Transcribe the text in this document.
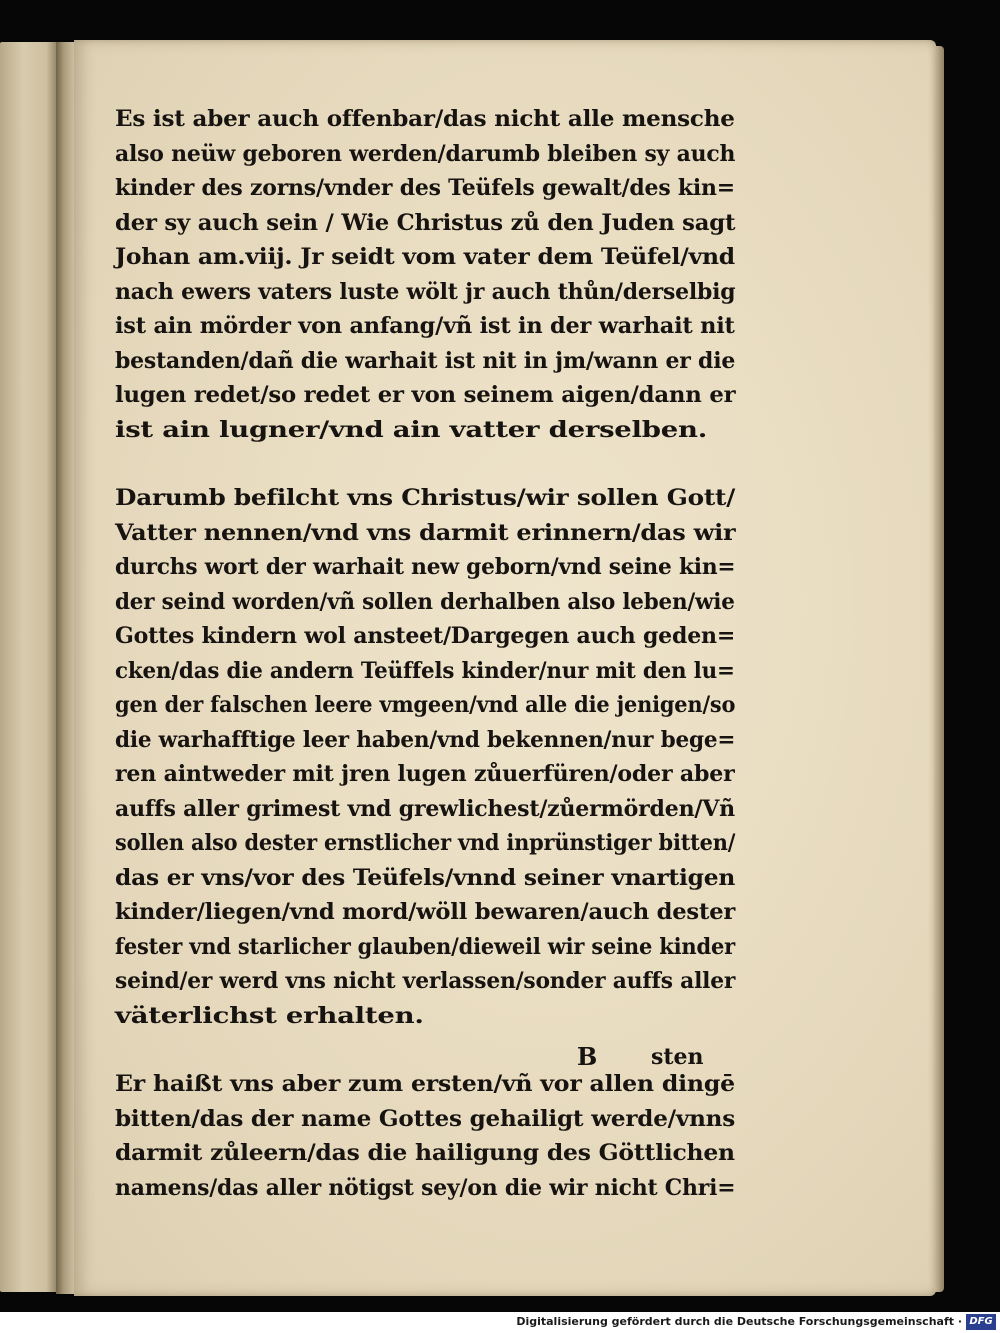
Es ist aber auch offenbar/das nicht alle mensche
also neüw geboren werden/darumb bleiben sy auch
kinder des zorns/vnder des Teüfels gewalt/des kin=
der sy auch sein / Wie Christus zů den Juden sagt
Johan am.viij. Jr seidt vom vater dem Teüfel/vnd
nach ewers vaters luste wölt jr auch thůn/derselbig
ist ain mörder von anfang/vñ ist in der warhait nit
bestanden/dañ die warhait ist nit in jm/wann er die
lugen redet/so redet er von seinem aigen/dann er
ist ain lugner/vnd ain vatter derselben.
Darumb befilcht vns Christus/wir sollen Gott/
Vatter nennen/vnd vns darmit erinnern/das wir
durchs wort der warhait new geborn/vnd seine kin=
der seind worden/vñ sollen derhalben also leben/wie
Gottes kindern wol ansteet/Dargegen auch geden=
cken/das die andern Teüffels kinder/nur mit den lu=
gen der falschen leere vmgeen/vnd alle die jenigen/so
die warhafftige leer haben/vnd bekennen/nur bege=
ren aintweder mit jren lugen zůuerfüren/oder aber
auffs aller grimest vnd grewlichest/zůermörden/Vñ
sollen also dester ernstlicher vnd inprünstiger bitten/
das er vns/vor des Teüfels/vnnd seiner vnartigen
kinder/liegen/vnd mord/wöll bewaren/auch dester
fester vnd starlicher glauben/dieweil wir seine kinder
seind/er werd vns nicht verlassen/sonder auffs aller
väterlichst erhalten.
Er haißt vns aber zum ersten/vñ vor allen dingē
bitten/das der name Gottes gehailigt werde/vnns
darmit zůleern/das die hailigung des Göttlichen
namens/das aller nötigst sey/on die wir nicht Chri=
B sten
Digitalisierung gefördert durch die Deutsche Forschungsgemeinschaft · DFG
